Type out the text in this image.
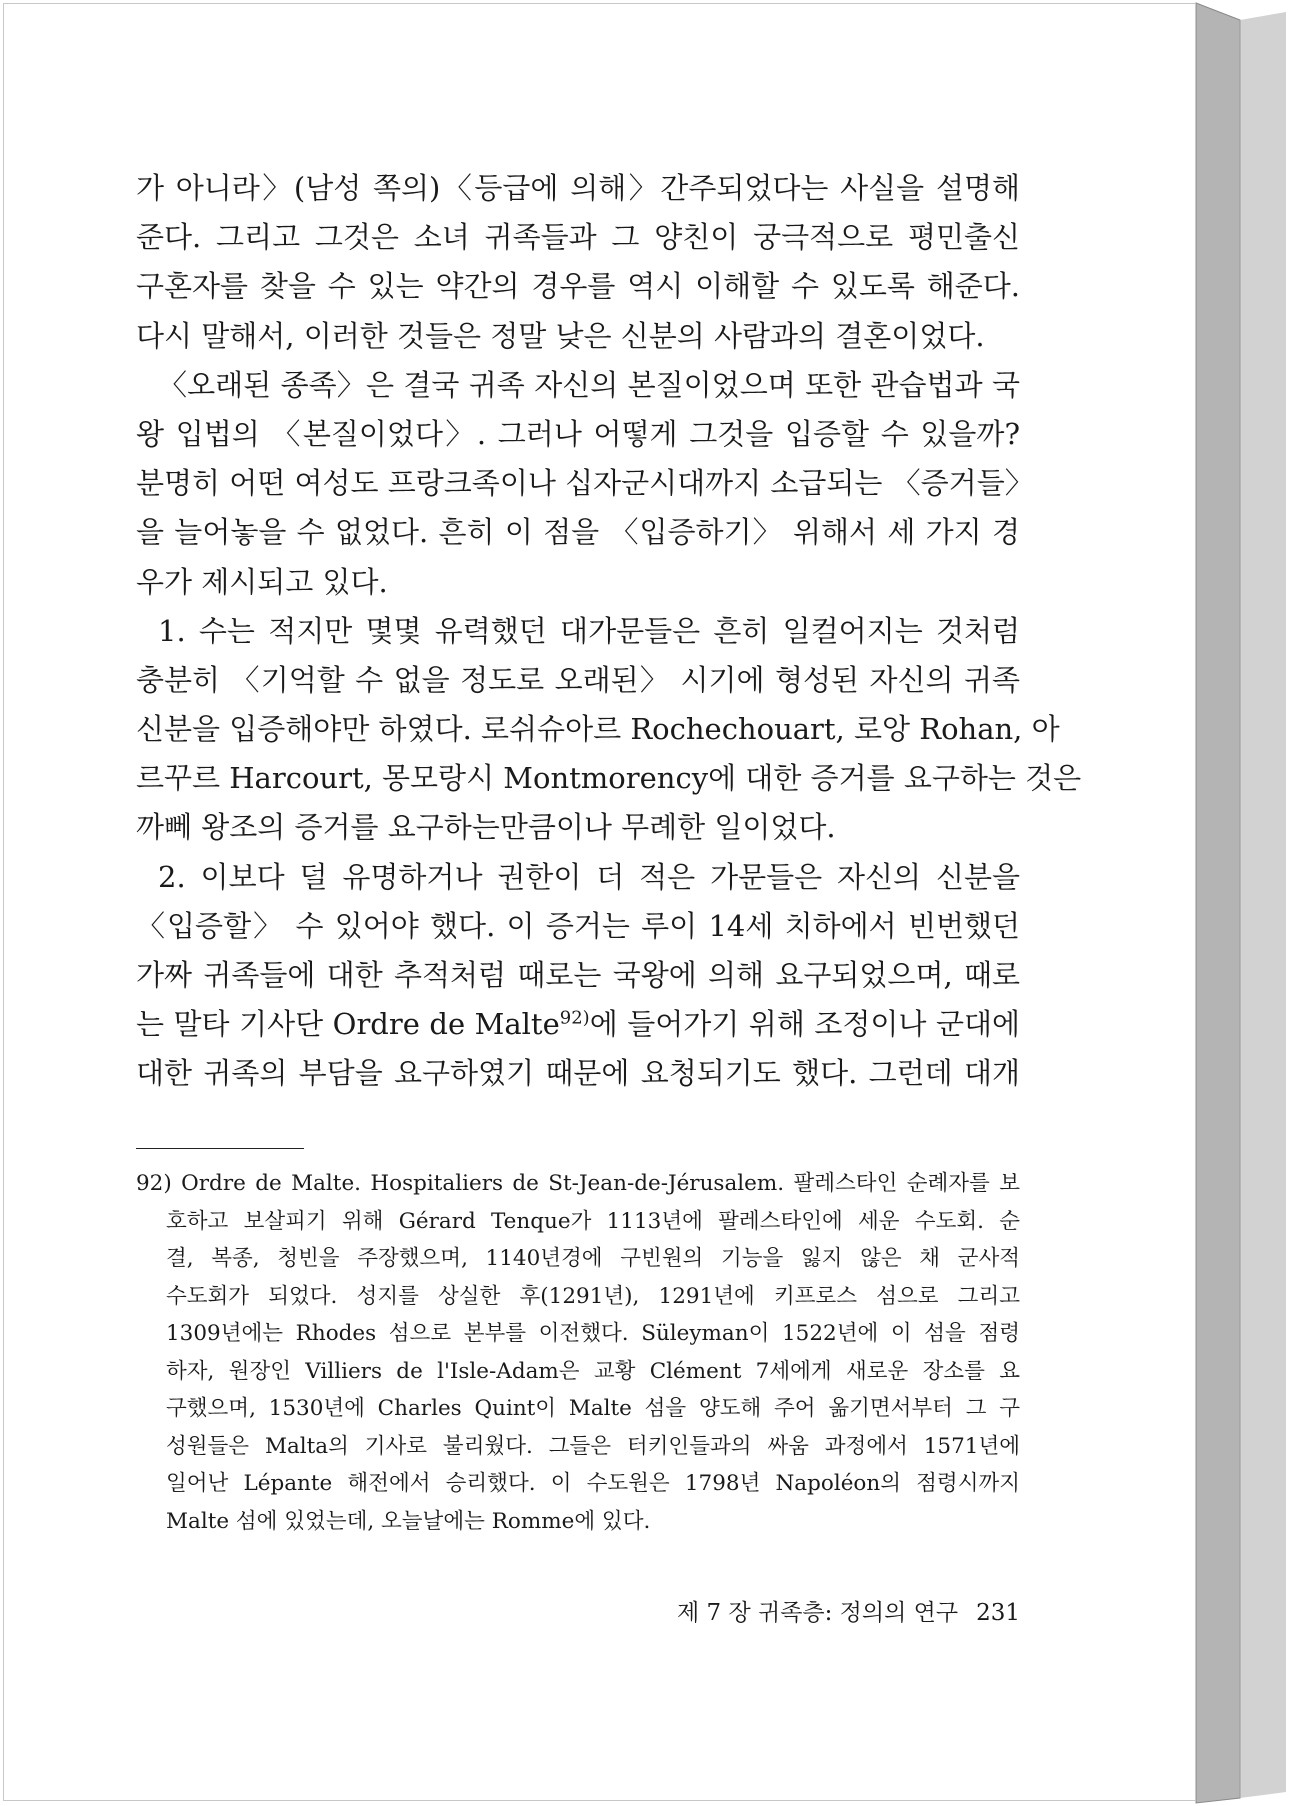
가 아니라〉(남성 쪽의)〈등급에 의해〉간주되었다는 사실을 설명해
준다. 그리고 그것은 소녀 귀족들과 그 양친이 궁극적으로 평민출신
구혼자를 찾을 수 있는 약간의 경우를 역시 이해할 수 있도록 해준다.
다시 말해서, 이러한 것들은 정말 낮은 신분의 사람과의 결혼이었다.
〈오래된 종족〉은 결국 귀족 자신의 본질이었으며 또한 관습법과 국
왕 입법의 〈본질이었다〉. 그러나 어떻게 그것을 입증할 수 있을까?
분명히 어떤 여성도 프랑크족이나 십자군시대까지 소급되는 〈증거들〉
을 늘어놓을 수 없었다. 흔히 이 점을 〈입증하기〉 위해서 세 가지 경
우가 제시되고 있다.
1. 수는 적지만 몇몇 유력했던 대가문들은 흔히 일컬어지는 것처럼
충분히 〈기억할 수 없을 정도로 오래된〉 시기에 형성된 자신의 귀족
신분을 입증해야만 하였다. 로쉬슈아르 Rochechouart, 로앙 Rohan, 아
르꾸르 Harcourt, 몽모랑시 Montmorency에 대한 증거를 요구하는 것은
까뻬 왕조의 증거를 요구하는만큼이나 무례한 일이었다.
2. 이보다 덜 유명하거나 권한이 더 적은 가문들은 자신의 신분을
〈입증할〉 수 있어야 했다. 이 증거는 루이 14세 치하에서 빈번했던
가짜 귀족들에 대한 추적처럼 때로는 국왕에 의해 요구되었으며, 때로
는 말타 기사단 Ordre de Malte$^{92)}$에 들어가기 위해 조정이나 군대에
대한 귀족의 부담을 요구하였기 때문에 요청되기도 했다. 그런데 대개
92) Ordre de Malte. Hospitaliers de St-Jean-de-Jérusalem. 팔레스타인 순례자를 보
호하고 보살피기 위해 Gérard Tenque가 1113년에 팔레스타인에 세운 수도회. 순
결, 복종, 청빈을 주장했으며, 1140년경에 구빈원의 기능을 잃지 않은 채 군사적
수도회가 되었다. 성지를 상실한 후(1291년), 1291년에 키프로스 섬으로 그리고
1309년에는 Rhodes 섬으로 본부를 이전했다. Süleyman이 1522년에 이 섬을 점령
하자, 원장인 Villiers de l'Isle-Adam은 교황 Clément 7세에게 새로운 장소를 요
구했으며, 1530년에 Charles Quint이 Malte 섬을 양도해 주어 옮기면서부터 그 구
성원들은 Malta의 기사로 불리웠다. 그들은 터키인들과의 싸움 과정에서 1571년에
일어난 Lépante 해전에서 승리했다. 이 수도원은 1798년 Napoléon의 점령시까지
Malte 섬에 있었는데, 오늘날에는 Romme에 있다.
제 7 장 귀족층: 정의의 연구 231
